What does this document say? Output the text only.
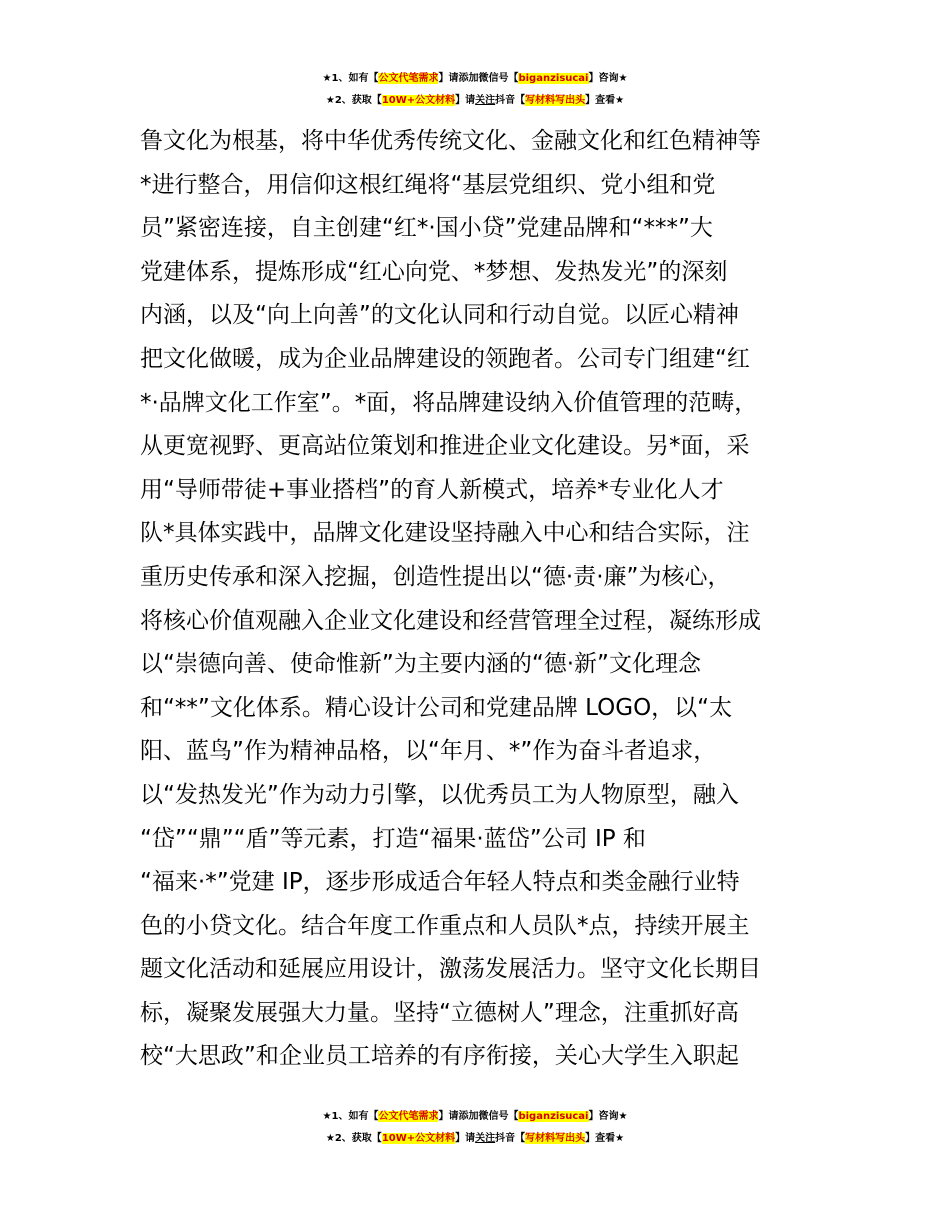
★1、如有【公文代笔需求】请添加微信号【biganzisucai】咨询★
★2、获取【10W+公文材料】请关注抖音【写材料写出头】查看★
鲁文化为根基，将中华优秀传统文化、金融文化和红色精神等
*进行整合，用信仰这根红绳将“基层党组织、党小组和党
员”紧密连接，自主创建“红*·国小贷”党建品牌和“***”大
党建体系，提炼形成“红心向党、*梦想、发热发光”的深刻
内涵，以及“向上向善”的文化认同和行动自觉。以匠心精神
把文化做暖，成为企业品牌建设的领跑者。公司专门组建“红
*·品牌文化工作室”。*面，将品牌建设纳入价值管理的范畴，
从更宽视野、更高站位策划和推进企业文化建设。另*面，采
用“导师带徒+事业搭档”的育人新模式，培养*专业化人才
队*具体实践中，品牌文化建设坚持融入中心和结合实际，注
重历史传承和深入挖掘，创造性提出以“德·责·廉”为核心，
将核心价值观融入企业文化建设和经营管理全过程，凝练形成
以“崇德向善、使命惟新”为主要内涵的“德·新”文化理念
和“**”文化体系。精心设计公司和党建品牌 LOGO，以“太
阳、蓝鸟”作为精神品格，以“年月、*”作为奋斗者追求，
以“发热发光”作为动力引擎，以优秀员工为人物原型，融入
“岱”“鼎”“盾”等元素，打造“福果·蓝岱”公司 IP 和
“福来·*”党建 IP，逐步形成适合年轻人特点和类金融行业特
色的小贷文化。结合年度工作重点和人员队*点，持续开展主
题文化活动和延展应用设计，激荡发展活力。坚守文化长期目
标，凝聚发展强大力量。坚持“立德树人”理念，注重抓好高
校“大思政”和企业员工培养的有序衔接，关心大学生入职起
★1、如有【公文代笔需求】请添加微信号【biganzisucai】咨询★
★2、获取【10W+公文材料】请关注抖音【写材料写出头】查看★
